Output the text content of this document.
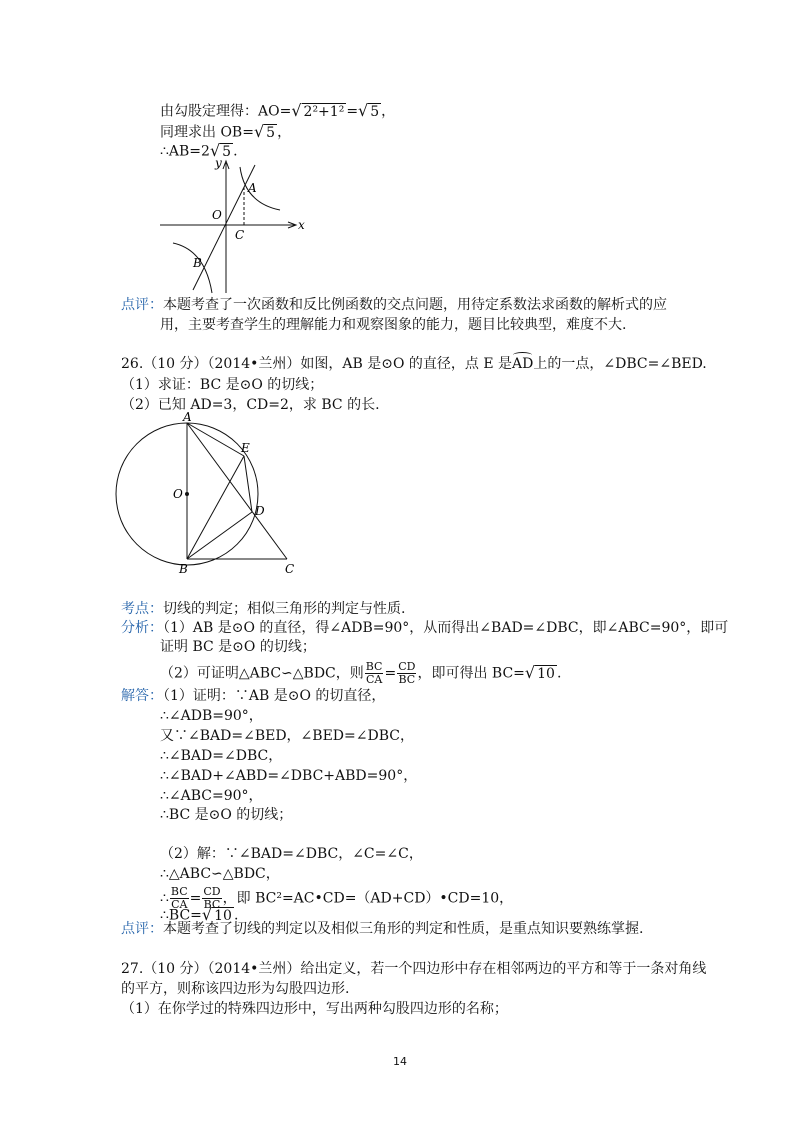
由勾股定理得：AO=√ 2²+1² =√ 5 ，
同理求出 OB=√ 5 ，
∴AB=2√ 5 .
y
x
O
A
C
B
点评：本题考查了一次函数和反比例函数的交点问题，用待定系数法求函数的解析式的应
用，主要考查学生的理解能力和观察图象的能力，题目比较典型，难度不大.
26.（10 分）（2014•兰州）如图，AB 是⊙O 的直径，点 E 是AD上的一点，∠DBC=∠BED.
（1）求证：BC 是⊙O 的切线；
（2）已知 AD=3，CD=2，求 BC 的长.
A
E
O
D
B	C
考点：切线的判定；相似三角形的判定与性质.
分析：（1）AB 是⊙O 的直径，得∠ADB=90°，从而得出∠BAD=∠DBC，即∠ABC=90°，即可
证明 BC 是⊙O 的切线；
（2）可证明△ABC∽△BDC，则 $\frac{BC}{CA} = \frac{CD}{BC}$ ，即可得出 BC=√ 10 .
解答：（1）证明：∵AB 是⊙O 的切直径，
∴∠ADB=90°，
又∵∠BAD=∠BED，∠BED=∠DBC，
∴∠BAD=∠DBC，
∴∠BAD+∠ABD=∠DBC+ABD=90°，
∴∠ABC=90°，
∴BC 是⊙O 的切线；
（2）解：∵∠BAD=∠DBC，∠C=∠C，
∴△ABC∽△BDC，
∴ $\frac{BC}{CA} = \frac{CD}{BC}$ ，即 BC²=AC•CD=（AD+CD）•CD=10，
∴BC=√ 10 .
点评：本题考查了切线的判定以及相似三角形的判定和性质，是重点知识要熟练掌握.
27.（10 分）（2014•兰州）给出定义，若一个四边形中存在相邻两边的平方和等于一条对角线
的平方，则称该四边形为勾股四边形.
（1）在你学过的特殊四边形中，写出两种勾股四边形的名称；
14
